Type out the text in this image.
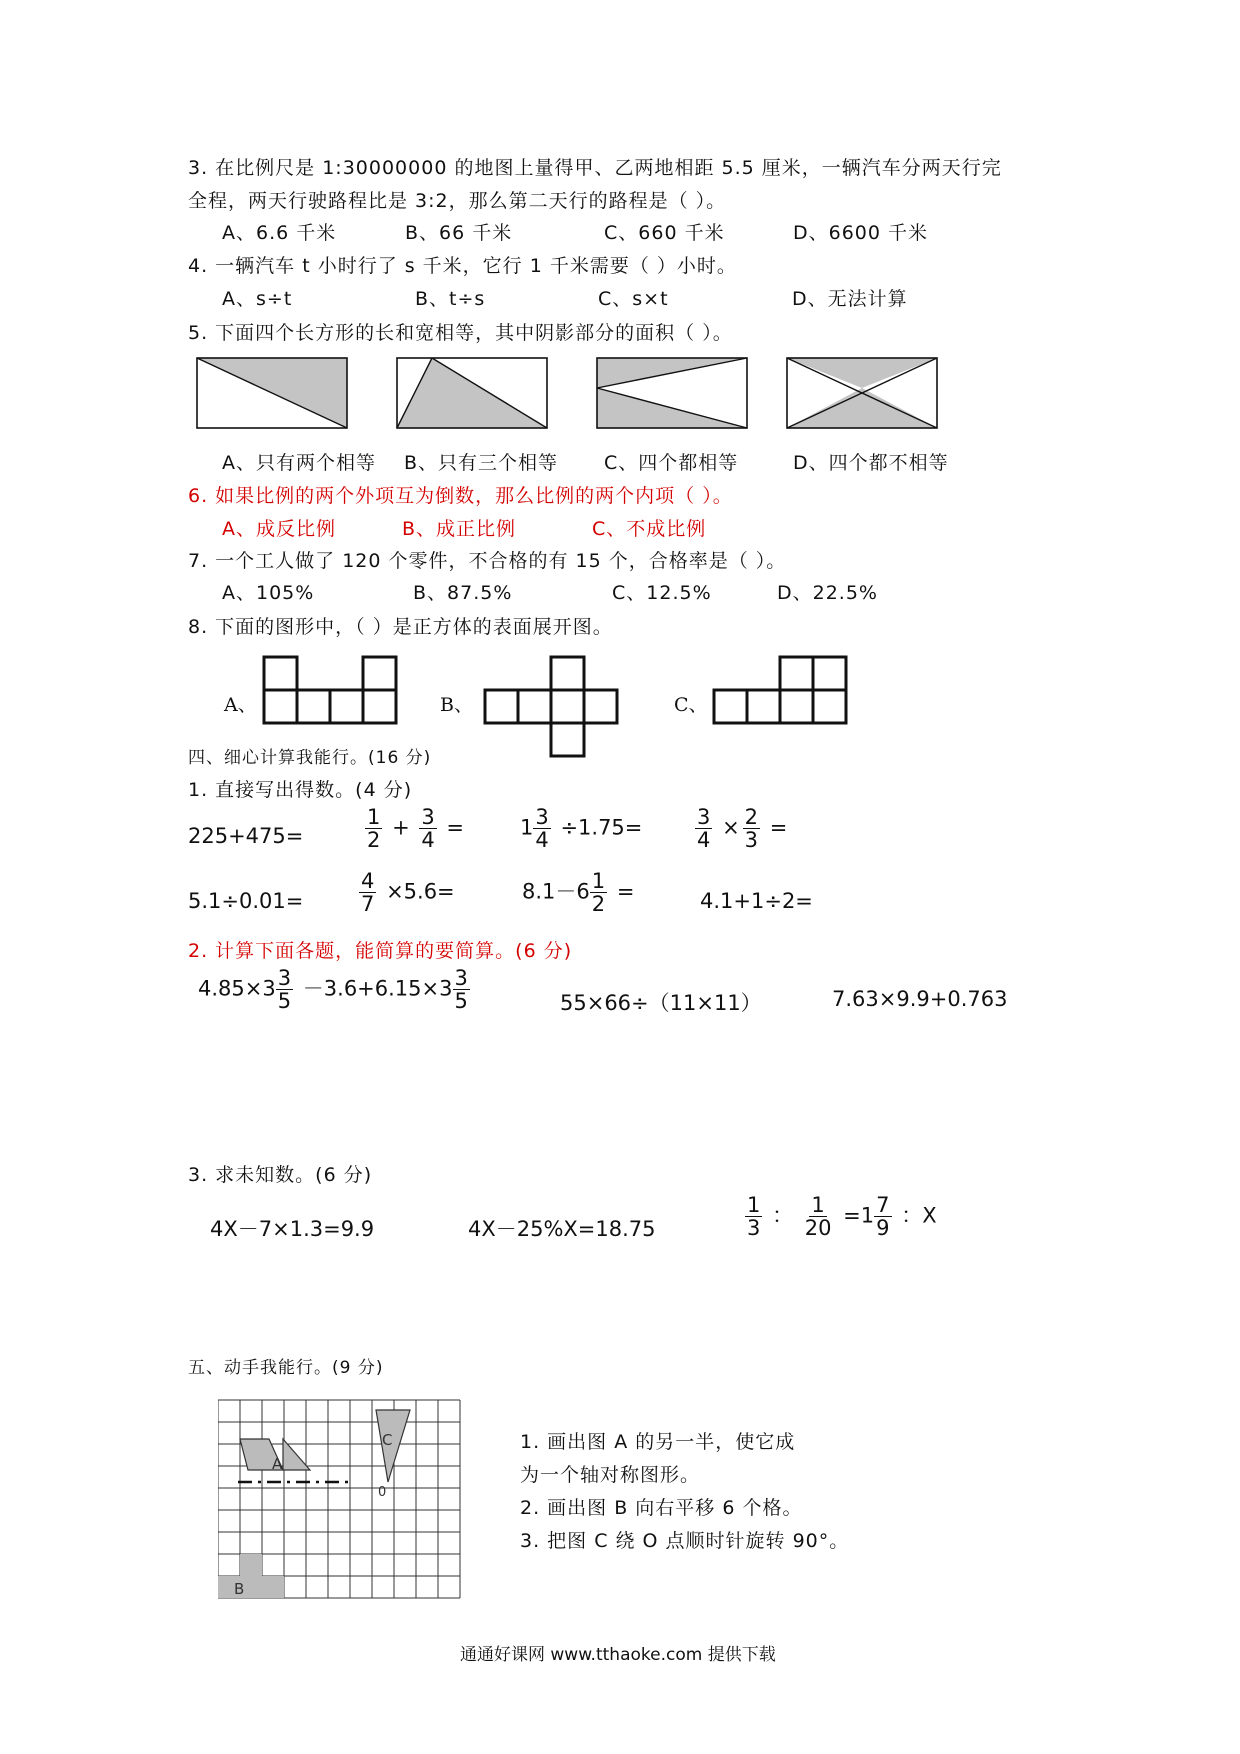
3. 在比例尺是 1:30000000 的地图上量得甲、乙两地相距 5.5 厘米，一辆汽车分两天行完
全程，两天行驶路程比是 3:2，那么第二天行的路程是（ ）。
A、6.6 千米	B、66 千米	C、660 千米	D、6600 千米
4. 一辆汽车 t 小时行了 s 千米，它行 1 千米需要（ ）小时。
A、s÷t	B、t÷s	C、s×t	D、无法计算
5. 下面四个长方形的长和宽相等，其中阴影部分的面积（ ）。
A、只有两个相等 B、只有三个相等 C、四个都相等	D、四个都不相等
6. 如果比例的两个外项互为倒数，那么比例的两个内项（ ）。
A、成反比例	B、成正比例	C、不成比例
7. 一个工人做了 120 个零件，不合格的有 15 个，合格率是（ ）。
A、105%	B、87.5%	C、12.5%	D、22.5%
8. 下面的图形中，（ ）是正方体的表面展开图。
A、	B、	C、
四、细心计算我能行。(16 分)
1. 直接写出得数。(4 分)
225+475=	$\frac{1}{2} + \frac{3}{4}$ =	$1 \frac{3}{4} \div 1.75=$	$\frac{3}{4} \times \frac{2}{3}$ =
5.1÷0.01=	$\frac{4}{7} \times 5.6=$	$8.1-6 \frac{1}{2}$ =	4.1+1÷2=
2. 计算下面各题，能简算的要简算。(6 分)
$4.85\times 3 \frac{3}{5} -3.6+6.15\times 3 \frac{3}{5}$	55×66÷（11×11）	7.63×9.9+0.763
3. 求未知数。(6 分)
4X－7×1.3=9.9	4X－25%X=18.75	$\frac{1}{3}$ ： $\frac{1}{20} =1 \frac{7}{9}$ ：X
五、动手我能行。(9 分)
A
C
0
B
1. 画出图 A 的另一半，使它成
为一个轴对称图形。
2. 画出图 B 向右平移 6 个格。
3. 把图 C 绕 O 点顺时针旋转 90°。
通通好课网 www.tthaoke.com 提供下载
